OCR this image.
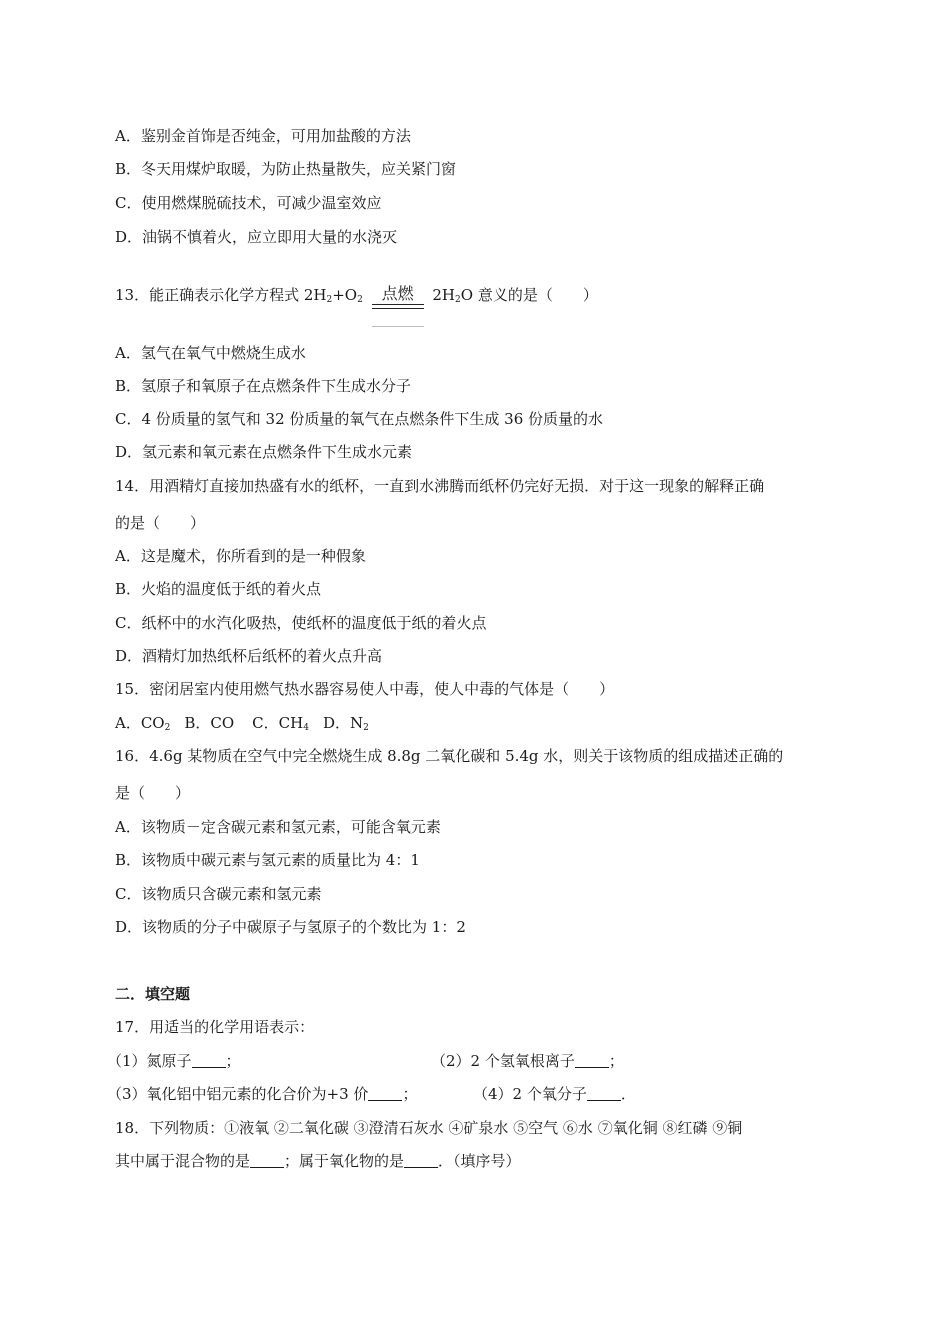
A．鉴别金首饰是否纯金，可用加盐酸的方法
B．冬天用煤炉取暖，为防止热量散失，应关紧门窗
C．使用燃煤脱硫技术，可减少温室效应
D．油锅不慎着火，应立即用大量的水浇灭
13．能正确表示化学方程式 $2H_2+O_2$	点燃	$2H_2O$ 意义的是（　　）
A．氢气在氧气中燃烧生成水
B．氢原子和氧原子在点燃条件下生成水分子
C．4 份质量的氢气和 32 份质量的氧气在点燃条件下生成 36 份质量的水
D．氢元素和氧元素在点燃条件下生成水元素
14．用酒精灯直接加热盛有水的纸杯，一直到水沸腾而纸杯仍完好无损．对于这一现象的解释正确
的是（　　）
A．这是魔术，你所看到的是一种假象
B．火焰的温度低于纸的着火点
C．纸杯中的水汽化吸热，使纸杯的温度低于纸的着火点
D．酒精灯加热纸杯后纸杯的着火点升高
15．密闭居室内使用燃气热水器容易使人中毒，使人中毒的气体是（　　）
A．$CO_2$ B．CO C．$CH_4$ D．$N_2$
16．4.6g 某物质在空气中完全燃烧生成 8.8g 二氧化碳和 5.4g 水，则关于该物质的组成描述正确的
是（　　）
A．该物质－定含碳元素和氢元素，可能含氧元素
B．该物质中碳元素与氢元素的质量比为 4：1
C．该物质只含碳元素和氢元素
D．该物质的分子中碳原子与氢原子的个数比为 1：2
二．填空题
17．用适当的化学用语表示：
（1）氮原子 ；	（2）2 个氢氧根离子 ；
（3）氧化铝中铝元素的化合价为+3 价 ；	（4）2 个氧分子 ．
18．下列物质：①液氧 ②二氧化碳 ③澄清石灰水 ④矿泉水 ⑤空气 ⑥水 ⑦氧化铜 ⑧红磷 ⑨铜
其中属于混合物的是 ；属于氧化物的是 ．（填序号）
